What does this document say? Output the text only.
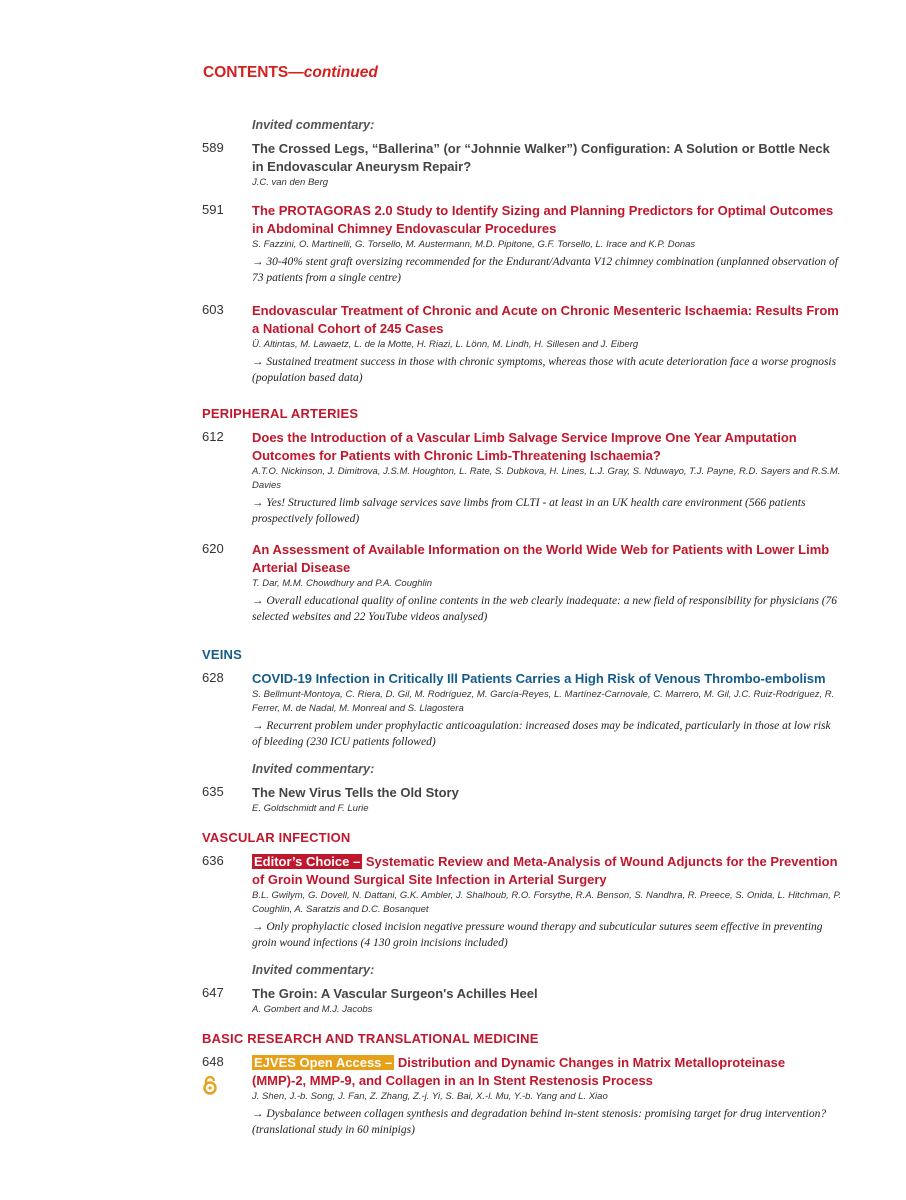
CONTENTS—continued
Invited commentary:
589	The Crossed Legs, “Ballerina” (or “Johnnie Walker”) Configuration: A Solution or Bottle Neck in Endovascular Aneurysm Repair?
J.C. van den Berg
591	The PROTAGORAS 2.0 Study to Identify Sizing and Planning Predictors for Optimal Outcomes in Abdominal Chimney Endovascular Procedures
S. Fazzini, O. Martinelli, G. Torsello, M. Austermann, M.D. Pipitone, G.F. Torsello, L. Irace and K.P. Donas
→ 30-40% stent graft oversizing recommended for the Endurant/Advanta V12 chimney combination (unplanned observation of 73 patients from a single centre)
603	Endovascular Treatment of Chronic and Acute on Chronic Mesenteric Ischaemia: Results From a National Cohort of 245 Cases
Ü. Altintas, M. Lawaetz, L. de la Motte, H. Riazi, L. Lönn, M. Lindh, H. Sillesen and J. Eiberg
→ Sustained treatment success in those with chronic symptoms, whereas those with acute deterioration face a worse prognosis (population based data)
PERIPHERAL ARTERIES
612	Does the Introduction of a Vascular Limb Salvage Service Improve One Year Amputation Outcomes for Patients with Chronic Limb-Threatening Ischaemia?
A.T.O. Nickinson, J. Dimitrova, J.S.M. Houghton, L. Rate, S. Dubkova, H. Lines, L.J. Gray, S. Nduwayo, T.J. Payne, R.D. Sayers and R.S.M. Davies
→ Yes! Structured limb salvage services save limbs from CLTI - at least in an UK health care environment (566 patients prospectively followed)
620	An Assessment of Available Information on the World Wide Web for Patients with Lower Limb Arterial Disease
T. Dar, M.M. Chowdhury and P.A. Coughlin
→ Overall educational quality of online contents in the web clearly inadequate: a new field of responsibility for physicians (76 selected websites and 22 YouTube videos analysed)
VEINS
628	COVID-19 Infection in Critically Ill Patients Carries a High Risk of Venous Thrombo-embolism
S. Bellmunt-Montoya, C. Riera, D. Gil, M. Rodríguez, M. García-Reyes, L. Martínez-Carnovale, C. Marrero, M. Gil, J.C. Ruiz-Rodríguez, R. Ferrer, M. de Nadal, M. Monreal and S. Llagostera
→ Recurrent problem under prophylactic anticoagulation: increased doses may be indicated, particularly in those at low risk of bleeding (230 ICU patients followed)
Invited commentary:
635	The New Virus Tells the Old Story
E. Goldschmidt and F. Lurie
VASCULAR INFECTION
636	Editor’s Choice – Systematic Review and Meta-Analysis of Wound Adjuncts for the Prevention of Groin Wound Surgical Site Infection in Arterial Surgery
B.L. Gwilym, G. Dovell, N. Dattani, G.K. Ambler, J. Shalhoub, R.O. Forsythe, R.A. Benson, S. Nandhra, R. Preece, S. Onida, L. Hitchman, P. Coughlin, A. Saratzis and D.C. Bosanquet
→ Only prophylactic closed incision negative pressure wound therapy and subcuticular sutures seem effective in preventing groin wound infections (4 130 groin incisions included)
Invited commentary:
647	The Groin: A Vascular Surgeon's Achilles Heel
A. Gombert and M.J. Jacobs
BASIC RESEARCH AND TRANSLATIONAL MEDICINE
648	EJVES Open Access – Distribution and Dynamic Changes in Matrix Metalloproteinase (MMP)-2, MMP-9, and Collagen in an In Stent Restenosis Process
J. Shen, J.-b. Song, J. Fan, Z. Zhang, Z.-j. Yi, S. Bai, X.-l. Mu, Y.-b. Yang and L. Xiao
→ Dysbalance between collagen synthesis and degradation behind in-stent stenosis: promising target for drug intervention? (translational study in 60 minipigs)
